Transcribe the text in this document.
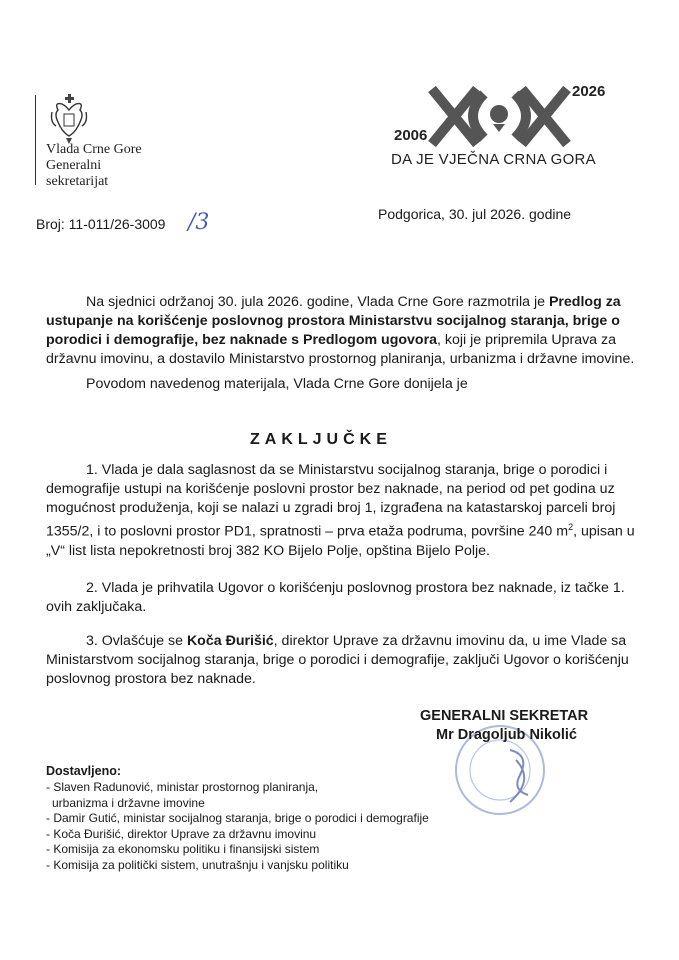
Vlada Crne Gore
Generalni
sekretarijat
2026
2006
DA JE VJEČNA CRNA GORA
Broj: 11-011/26-3009 /3	Podgorica, 30. jul 2026. godine
Na sjednici održanoj 30. jula 2026. godine, Vlada Crne Gore razmotrila je Predlog za ustupanje na korišćenje poslovnog prostora Ministarstvu socijalnog staranja, brige o porodici i demografije, bez naknade s Predlogom ugovora, koji je pripremila Uprava za državnu imovinu, a dostavilo Ministarstvo prostornog planiranja, urbanizma i državne imovine.
Povodom navedenog materijala, Vlada Crne Gore donijela je
ZAKLJUČKE
1. Vlada je dala saglasnost da se Ministarstvu socijalnog staranja, brige o porodici i demografije ustupi na korišćenje poslovni prostor bez naknade, na period od pet godina uz mogućnost produženja, koji se nalazi u zgradi broj 1, izgrađena na katastarskoj parceli broj 1355/2, i to poslovni prostor PD1, spratnosti – prva etaža podruma, površine 240 $m^2$, upisan u „V“ list lista nepokretnosti broj 382 KO Bijelo Polje, opština Bijelo Polje.
2. Vlada je prihvatila Ugovor o korišćenju poslovnog prostora bez naknade, iz tačke 1. ovih zaključaka.
3. Ovlašćuje se Koča Đurišić, direktor Uprave za državnu imovinu da, u ime Vlade sa Ministarstvom socijalnog staranja, brige o porodici i demografije, zaključi Ugovor o korišćenju poslovnog prostora bez naknade.
GENERALNI SEKRETAR
Mr Dragoljub Nikolić
Dostavljeno:
- Slaven Radunović, ministar prostornog planiranja,
urbanizma i državne imovine
- Damir Gutić, ministar socijalnog staranja, brige o porodici i demografije
- Koča Đurišić, direktor Uprave za državnu imovinu
- Komisija za ekonomsku politiku i finansijski sistem
- Komisija za politički sistem, unutrašnju i vanjsku politiku
